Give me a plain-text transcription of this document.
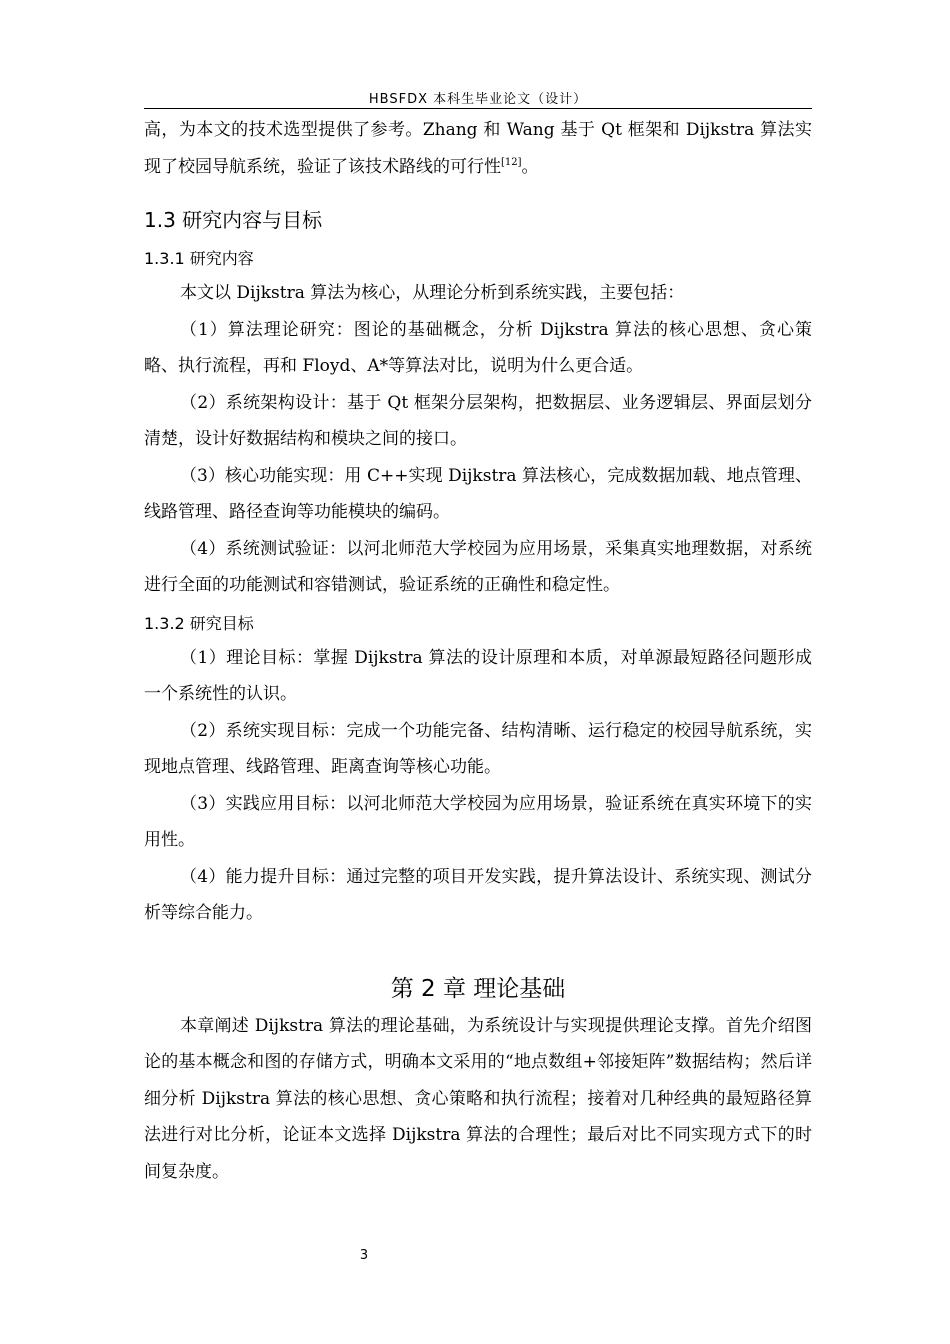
HBSFDX 本科生毕业论文（设计）

高，为本文的技术选型提供了参考。Zhang 和 Wang 基于 Qt 框架和 Dijkstra 算法实现了校园导航系统，验证了该技术路线的可行性[12]。

1.3 研究内容与目标
1.3.1 研究内容

本文以 Dijkstra 算法为核心，从理论分析到系统实践，主要包括：

（1）算法理论研究：图论的基础概念，分析 Dijkstra 算法的核心思想、贪心策略、执行流程，再和 Floyd、A*等算法对比，说明为什么更合适。

（2）系统架构设计：基于 Qt 框架分层架构，把数据层、业务逻辑层、界面层划分清楚，设计好数据结构和模块之间的接口。

（3）核心功能实现：用 C++实现 Dijkstra 算法核心，完成数据加载、地点管理、线路管理、路径查询等功能模块的编码。

（4）系统测试验证：以河北师范大学校园为应用场景，采集真实地理数据，对系统进行全面的功能测试和容错测试，验证系统的正确性和稳定性。

1.3.2 研究目标

（1）理论目标：掌握 Dijkstra 算法的设计原理和本质，对单源最短路径问题形成一个系统性的认识。

（2）系统实现目标：完成一个功能完备、结构清晰、运行稳定的校园导航系统，实现地点管理、线路管理、距离查询等核心功能。

（3）实践应用目标：以河北师范大学校园为应用场景，验证系统在真实环境下的实用性。

（4）能力提升目标：通过完整的项目开发实践，提升算法设计、系统实现、测试分析等综合能力。

第 2 章 理论基础

本章阐述 Dijkstra 算法的理论基础，为系统设计与实现提供理论支撑。首先介绍图论的基本概念和图的存储方式，明确本文采用的“地点数组+邻接矩阵”数据结构；然后详细分析 Dijkstra 算法的核心思想、贪心策略和执行流程；接着对几种经典的最短路径算法进行对比分析，论证本文选择 Dijkstra 算法的合理性；最后对比不同实现方式下的时间复杂度。

3
